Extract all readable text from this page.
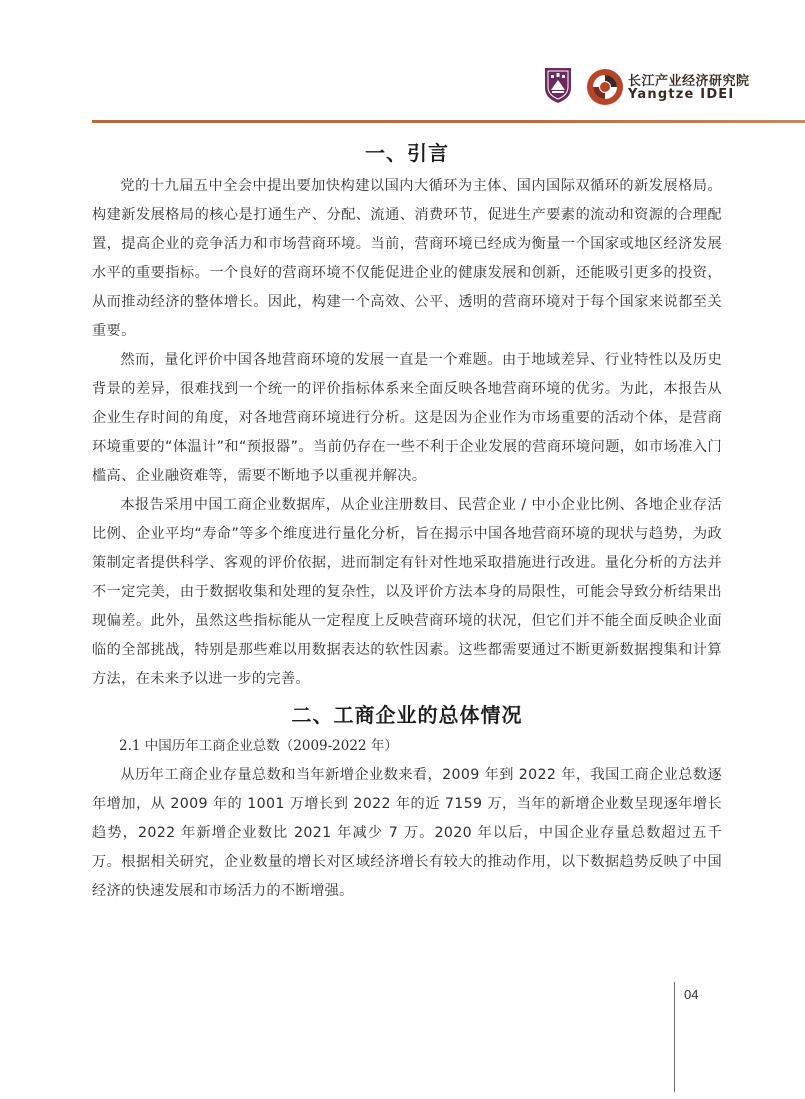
长江产业经济研究院
Yangtze IDEI
一、引言

党的十九届五中全会中提出要加快构建以国内大循环为主体、国内国际双循环的新发展格局。构建新发展格局的核心是打通生产、分配、流通、消费环节，促进生产要素的流动和资源的合理配置，提高企业的竞争活力和市场营商环境。当前，营商环境已经成为衡量一个国家或地区经济发展水平的重要指标。一个良好的营商环境不仅能促进企业的健康发展和创新，还能吸引更多的投资，从而推动经济的整体增长。因此，构建一个高效、公平、透明的营商环境对于每个国家来说都至关重要。

然而，量化评价中国各地营商环境的发展一直是一个难题。由于地域差异、行业特性以及历史背景的差异，很难找到一个统一的评价指标体系来全面反映各地营商环境的优劣。为此，本报告从企业生存时间的角度，对各地营商环境进行分析。这是因为企业作为市场重要的活动个体，是营商环境重要的“体温计”和“预报器”。当前仍存在一些不利于企业发展的营商环境问题，如市场准入门槛高、企业融资难等，需要不断地予以重视并解决。

本报告采用中国工商企业数据库，从企业注册数目、民营企业 / 中小企业比例、各地企业存活比例、企业平均“寿命”等多个维度进行量化分析，旨在揭示中国各地营商环境的现状与趋势，为政策制定者提供科学、客观的评价依据，进而制定有针对性地采取措施进行改进。量化分析的方法并不一定完美，由于数据收集和处理的复杂性，以及评价方法本身的局限性，可能会导致分析结果出现偏差。此外，虽然这些指标能从一定程度上反映营商环境的状况，但它们并不能全面反映企业面临的全部挑战，特别是那些难以用数据表达的软性因素。这些都需要通过不断更新数据搜集和计算方法，在未来予以进一步的完善。

二、工商企业的总体情况
2.1 中国历年工商企业总数（2009-2022 年）

从历年工商企业存量总数和当年新增企业数来看，2009 年到 2022 年，我国工商企业总数逐年增加，从 2009 年的 1001 万增长到 2022 年的近 7159 万，当年的新增企业数呈现逐年增长趋势，2022 年新增企业数比 2021 年减少 7 万。2020 年以后，中国企业存量总数超过五千万。根据相关研究，企业数量的增长对区域经济增长有较大的推动作用，以下数据趋势反映了中国经济的快速发展和市场活力的不断增强。

04
